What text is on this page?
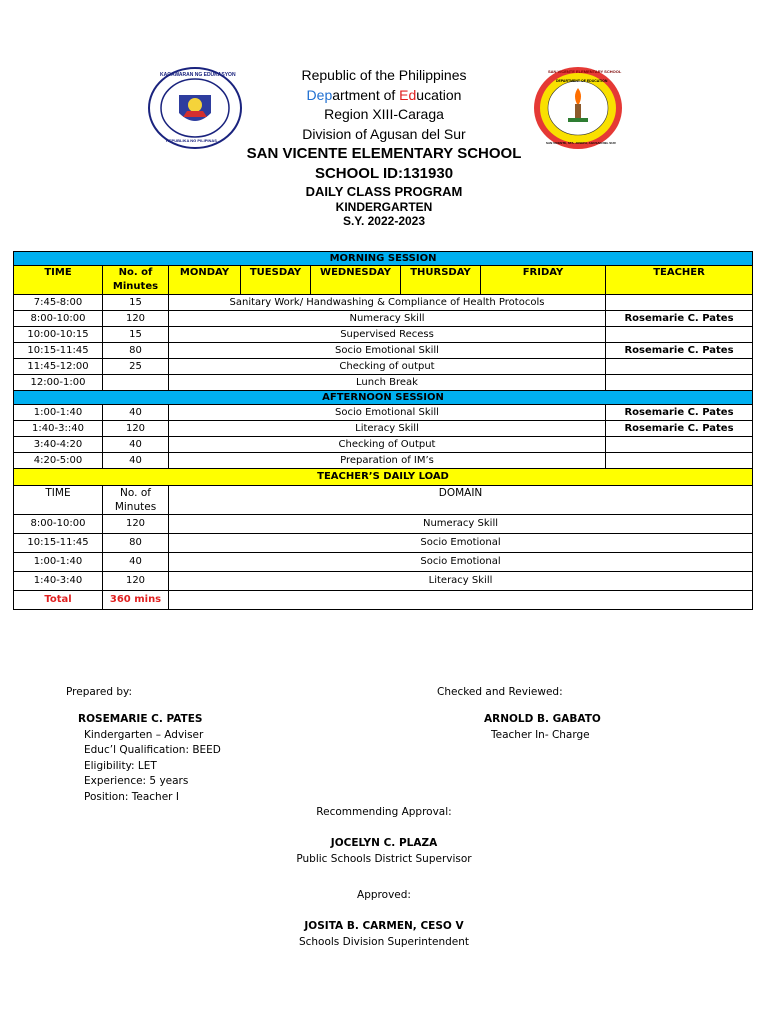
KAGAWARAN NG EDUKASYON
REPUBLIKA NG PILIPINAS
SAN VICENTE ELEMENTARY SCHOOL
DEPARTMENT OF EDUCATION
SAN VICENTE, STA. JOSEFA, AGUSAN DEL SUR
Republic of the Philippines
Department of Education
Region XIII-Caraga
Division of Agusan del Sur
SAN VICENTE ELEMENTARY SCHOOL
SCHOOL ID:131930
DAILY CLASS PROGRAM
KINDERGARTEN
S.Y. 2022-2023
MORNING SESSION							
TIME	No. of Minutes	MONDAY	TUESDAY	WEDNESDAY	THURSDAY	FRIDAY	TEACHER
7:45-8:00	15	Sanitary Work/ Handwashing & Compliance of Health Protocols					
8:00-10:00	120	Numeracy Skill					Rosemarie C. Pates
10:00-10:15	15	Supervised Recess					
10:15-11:45	80	Socio Emotional Skill					Rosemarie C. Pates
11:45-12:00	25	Checking of output					
12:00-1:00		Lunch Break					
AFTERNOON SESSION							
1:00-1:40	40	Socio Emotional Skill					Rosemarie C. Pates
1:40-3::40	120	Literacy Skill					Rosemarie C. Pates
3:40-4:20	40	Checking of Output					
4:20-5:00	40	Preparation of IM’s					
TEACHER’S DAILY LOAD							
TIME	No. of Minutes	DOMAIN					
8:00-10:00	120	Numeracy Skill					
10:15-11:45	80	Socio Emotional					
1:00-1:40	40	Socio Emotional					
1:40-3:40	120	Literacy Skill					
Total	360 mins						
Prepared by:
ROSEMARIE C. PATES
Kindergarten – Adviser
Educ’l Qualification: BEED
Eligibility: LET
Experience: 5 years
Position: Teacher I
Checked and Reviewed:
ARNOLD B. GABATO
Teacher In- Charge
Recommending Approval:
JOCELYN C. PLAZA
Public Schools District Supervisor
Approved:
JOSITA B. CARMEN, CESO V
Schools Division Superintendent
